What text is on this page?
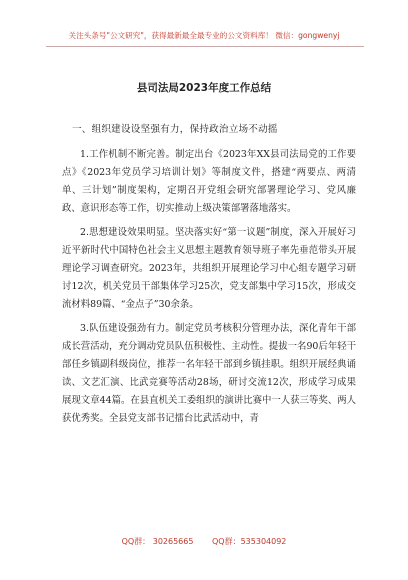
关注头条号"公文研究"，获得最新最全最专业的公文资料库！ 微信：gongwenyj
县司法局2023年度工作总结
一、组织建设设坚强有力，保持政治立场不动摇

1.工作机制不断完善。制定出台《2023年XX县司法局党的工作要点》《2023年党员学习培训计划》等制度文件，搭建“两要点、两清单、三计划”制度架构，定期召开党组会研究部署理论学习、党风廉政、意识形态等工作，切实推动上级决策部署落地落实。

2.思想建设效果明显。坚决落实好“第一议题”制度，深入开展好习近平新时代中国特色社会主义思想主题教育领导班子率先垂范带头开展理论学习调查研究。2023年，共组织开展理论学习中心组专题学习研讨12次，机关党员干部集体学习25次，党支部集中学习15次，形成交流材料89篇、“金点子”30余条。

3.队伍建设强劲有力。制定党员考核积分管理办法，深化青年干部成长营活动，充分调动党员队伍积极性、主动性。提拔一名90后年轻干部任乡镇副科级岗位，推荐一名年轻干部到乡镇挂职。组织开展经典诵读、文艺汇演、比武竞赛等活动28场，研讨交流12次，形成学习成果展现文章44篇。在县直机关工委组织的演讲比赛中一人获三等奖、两人获优秀奖。全县党支部书记擂台比武活动中，青

QQ群： 30265665 QQ群：535304092
